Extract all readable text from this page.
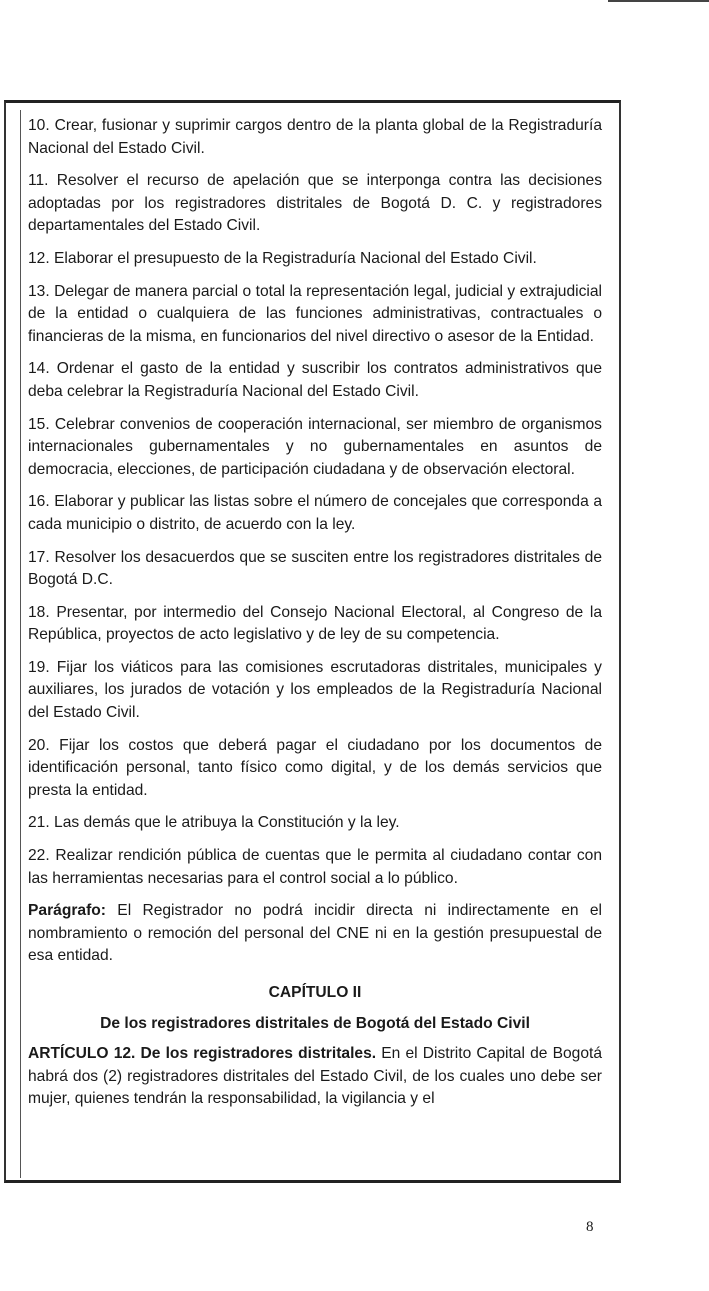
10. Crear, fusionar y suprimir cargos dentro de la planta global de la Registraduría Nacional del Estado Civil.

11. Resolver el recurso de apelación que se interponga contra las decisiones adoptadas por los registradores distritales de Bogotá D. C. y registradores departamentales del Estado Civil.

12. Elaborar el presupuesto de la Registraduría Nacional del Estado Civil.

13. Delegar de manera parcial o total la representación legal, judicial y extrajudicial de la entidad o cualquiera de las funciones administrativas, contractuales o financieras de la misma, en funcionarios del nivel directivo o asesor de la Entidad.

14. Ordenar el gasto de la entidad y suscribir los contratos administrativos que deba celebrar la Registraduría Nacional del Estado Civil.

15. Celebrar convenios de cooperación internacional, ser miembro de organismos internacionales gubernamentales y no gubernamentales en asuntos de democracia, elecciones, de participación ciudadana y de observación electoral.

16. Elaborar y publicar las listas sobre el número de concejales que corresponda a cada municipio o distrito, de acuerdo con la ley.

17. Resolver los desacuerdos que se susciten entre los registradores distritales de Bogotá D.C.

18. Presentar, por intermedio del Consejo Nacional Electoral, al Congreso de la República, proyectos de acto legislativo y de ley de su competencia.

19. Fijar los viáticos para las comisiones escrutadoras distritales, municipales y auxiliares, los jurados de votación y los empleados de la Registraduría Nacional del Estado Civil.

20. Fijar los costos que deberá pagar el ciudadano por los documentos de identificación personal, tanto físico como digital, y de los demás servicios que presta la entidad.

21. Las demás que le atribuya la Constitución y la ley.

22. Realizar rendición pública de cuentas que le permita al ciudadano contar con las herramientas necesarias para el control social a lo público.

Parágrafo: El Registrador no podrá incidir directa ni indirectamente en el nombramiento o remoción del personal del CNE ni en la gestión presupuestal de esa entidad.

CAPÍTULO II
De los registradores distritales de Bogotá del Estado Civil

ARTÍCULO 12. De los registradores distritales. En el Distrito Capital de Bogotá habrá dos (2) registradores distritales del Estado Civil, de los cuales uno debe ser mujer, quienes tendrán la responsabilidad, la vigilancia y el

8
